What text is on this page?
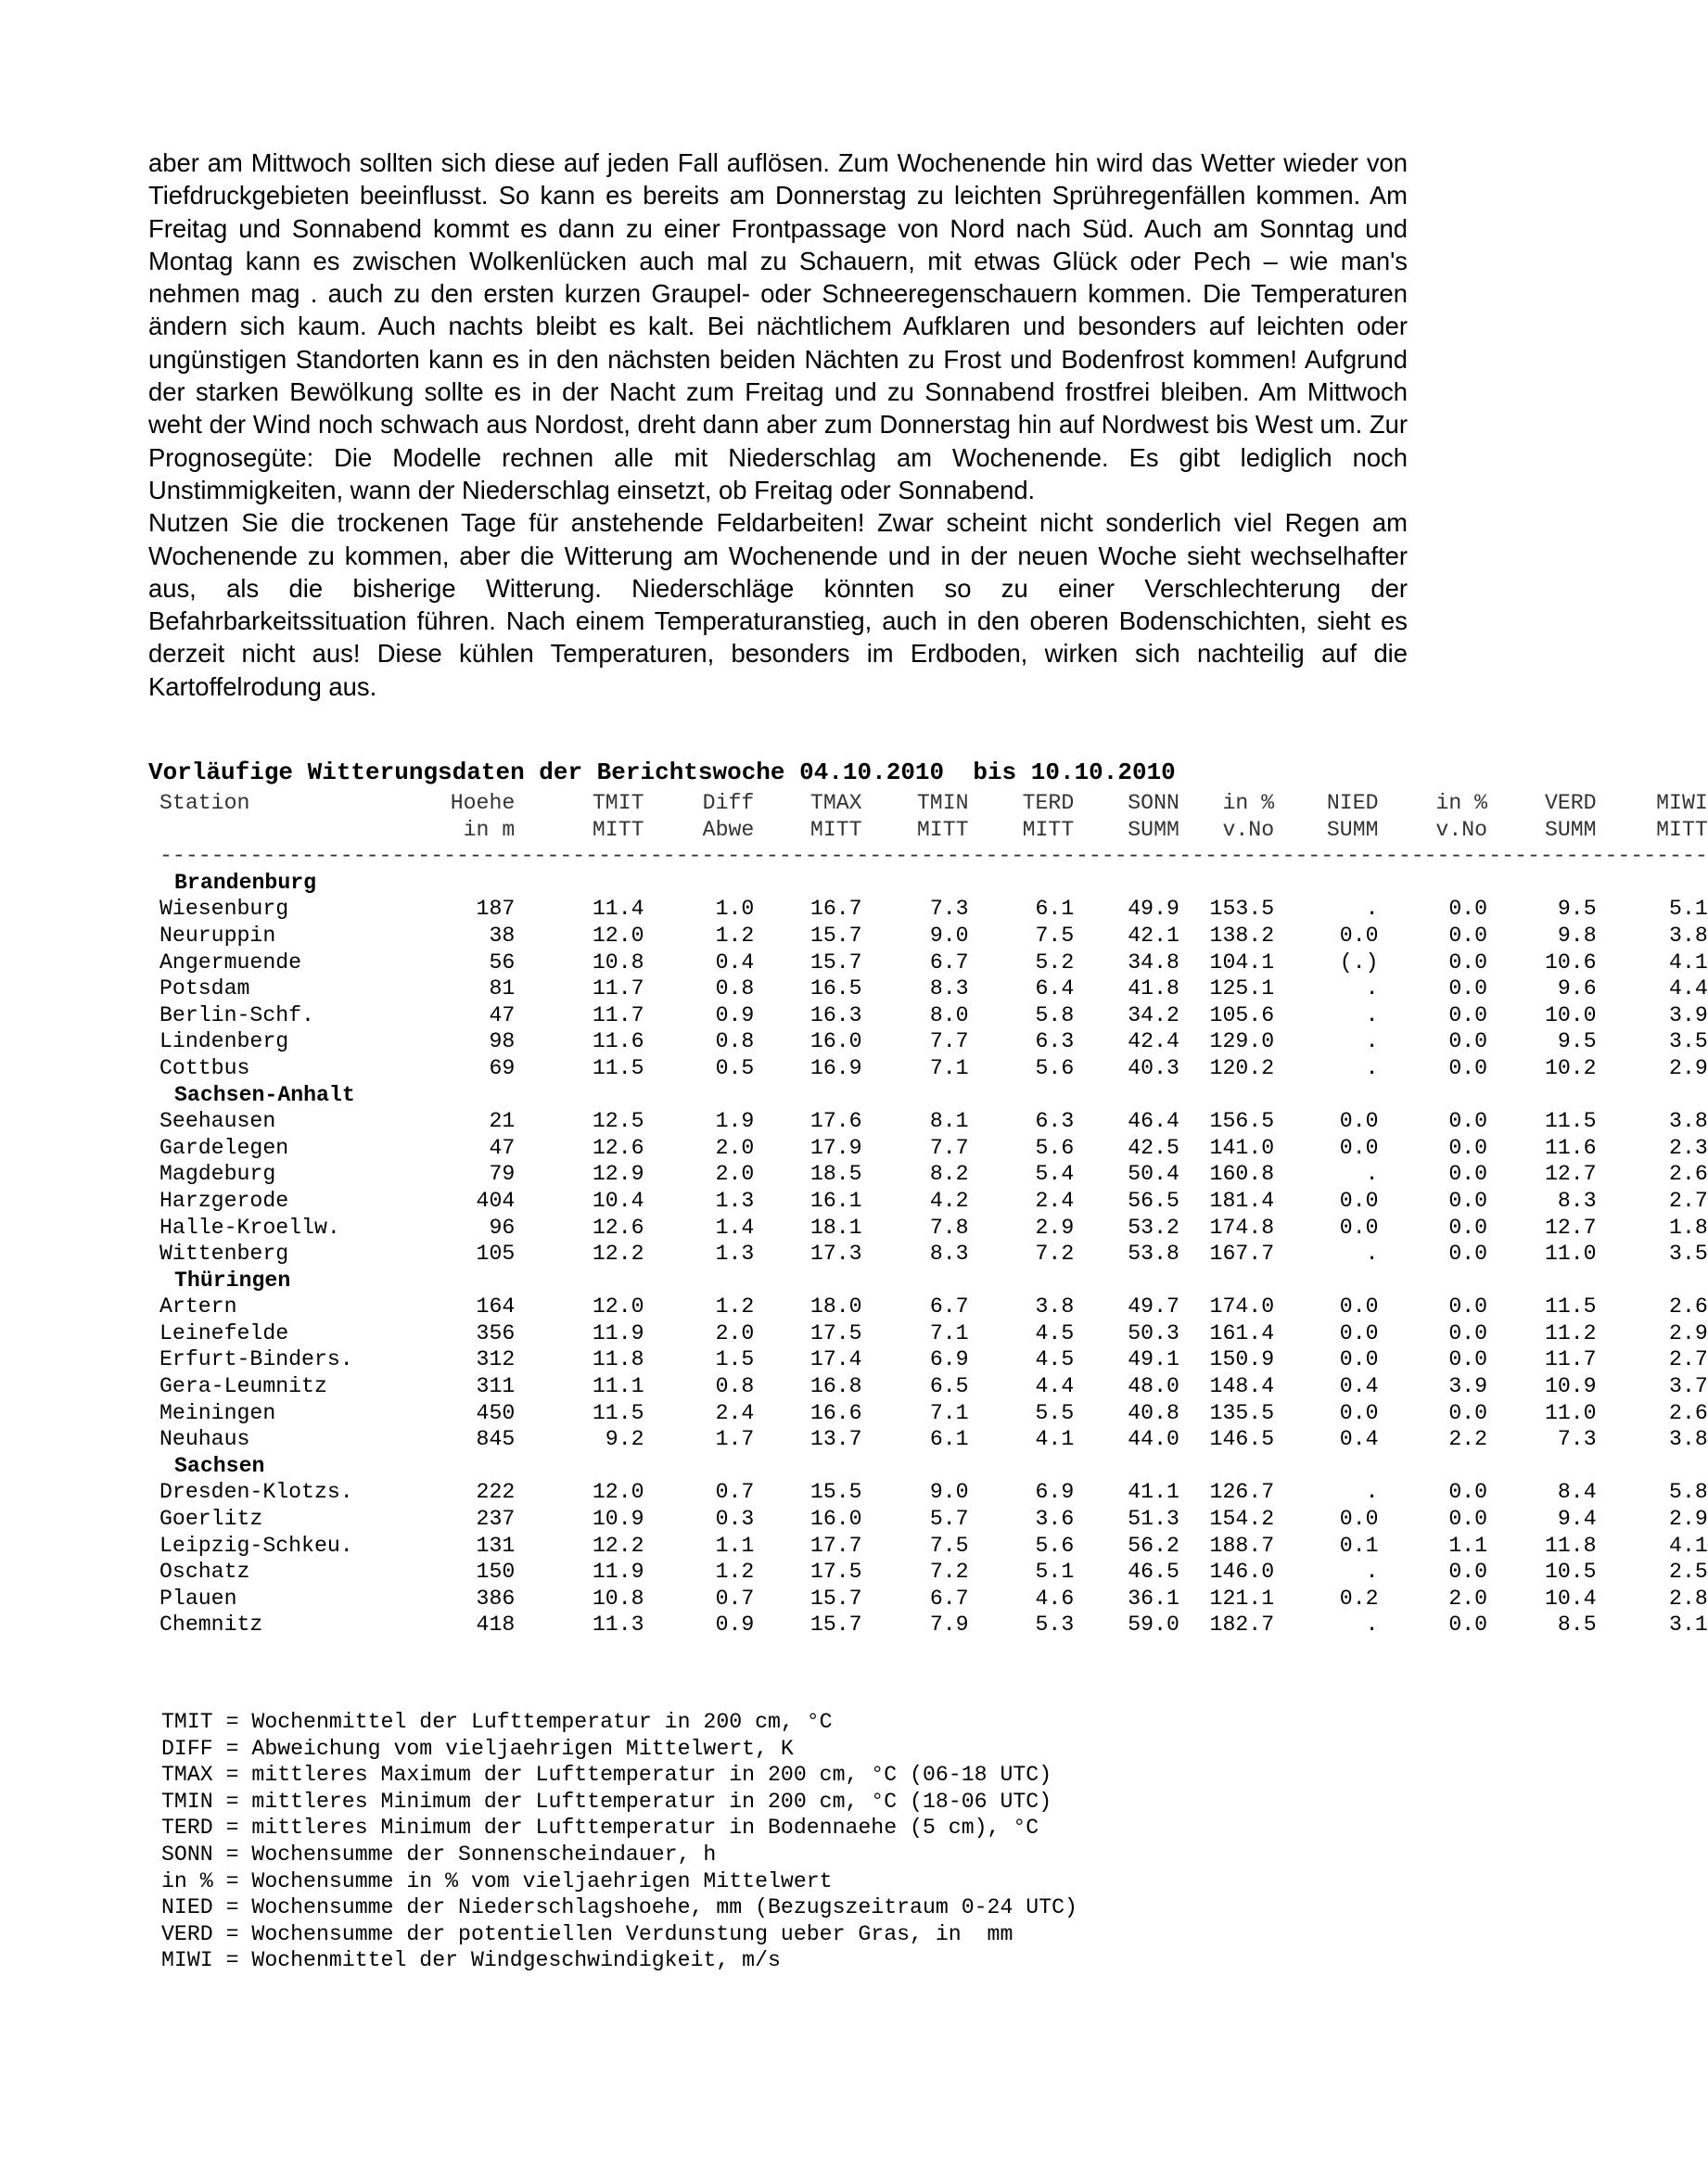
aber am Mittwoch sollten sich diese auf jeden Fall auflösen. Zum Wochenende hin wird das Wetter wieder von Tiefdruckgebieten beeinflusst. So kann es bereits am Donnerstag zu leichten Sprühregenfällen kommen. Am Freitag und Sonnabend kommt es dann zu einer Frontpassage von Nord nach Süd. Auch am Sonntag und Montag kann es zwischen Wolkenlücken auch mal zu Schauern, mit etwas Glück oder Pech – wie man's nehmen mag . auch zu den ersten kurzen Graupel- oder Schneeregenschauern kommen. Die Temperaturen ändern sich kaum. Auch nachts bleibt es kalt. Bei nächtlichem Aufklaren und besonders auf leichten oder ungünstigen Standorten kann es in den nächsten beiden Nächten zu Frost und Bodenfrost kommen! Aufgrund der starken Bewölkung sollte es in der Nacht zum Freitag und zu Sonnabend frostfrei bleiben. Am Mittwoch weht der Wind noch schwach aus Nordost, dreht dann aber zum Donnerstag hin auf Nordwest bis West um. Zur Prognosegüte: Die Modelle rechnen alle mit Niederschlag am Wochenende. Es gibt lediglich noch Unstimmigkeiten, wann der Niederschlag einsetzt, ob Freitag oder Sonnabend.

Nutzen Sie die trockenen Tage für anstehende Feldarbeiten! Zwar scheint nicht sonderlich viel Regen am Wochenende zu kommen, aber die Witterung am Wochenende und in der neuen Woche sieht wechselhafter aus, als die bisherige Witterung. Niederschläge könnten so zu einer Verschlechterung der Befahrbarkeitssituation führen. Nach einem Temperaturanstieg, auch in den oberen Bodenschichten, sieht es derzeit nicht aus! Diese kühlen Temperaturen, besonders im Erdboden, wirken sich nachteilig auf die Kartoffelrodung aus.

Vorläufige Witterungsdaten der Berichtswoche 04.10.2010  bis 10.10.2010
Station	Hoehe	TMIT	Diff	TMAX	TMIN	TERD	SONN	in %	NIED	in %	VERD	MIWI
	in m	MITT	Abwe	MITT	MITT	MITT	SUMM	v.No	SUMM	v.No	SUMM	MITT

------------------------------------------------------------------------------------------------------------------------												

Brandenburg												
Wiesenburg	187	11.4	1.0	16.7	7.3	6.1	49.9	153.5	.	0.0	9.5	5.1
Neuruppin	38	12.0	1.2	15.7	9.0	7.5	42.1	138.2	0.0	0.0	9.8	3.8
Angermuende	56	10.8	0.4	15.7	6.7	5.2	34.8	104.1	(.)	0.0	10.6	4.1
Potsdam	81	11.7	0.8	16.5	8.3	6.4	41.8	125.1	.	0.0	9.6	4.4
Berlin-Schf.	47	11.7	0.9	16.3	8.0	5.8	34.2	105.6	.	0.0	10.0	3.9
Lindenberg	98	11.6	0.8	16.0	7.7	6.3	42.4	129.0	.	0.0	9.5	3.5
Cottbus	69	11.5	0.5	16.9	7.1	5.6	40.3	120.2	.	0.0	10.2	2.9
Sachsen-Anhalt												
Seehausen	21	12.5	1.9	17.6	8.1	6.3	46.4	156.5	0.0	0.0	11.5	3.8
Gardelegen	47	12.6	2.0	17.9	7.7	5.6	42.5	141.0	0.0	0.0	11.6	2.3
Magdeburg	79	12.9	2.0	18.5	8.2	5.4	50.4	160.8	.	0.0	12.7	2.6
Harzgerode	404	10.4	1.3	16.1	4.2	2.4	56.5	181.4	0.0	0.0	8.3	2.7
Halle-Kroellw.	96	12.6	1.4	18.1	7.8	2.9	53.2	174.8	0.0	0.0	12.7	1.8
Wittenberg	105	12.2	1.3	17.3	8.3	7.2	53.8	167.7	.	0.0	11.0	3.5
Thüringen												
Artern	164	12.0	1.2	18.0	6.7	3.8	49.7	174.0	0.0	0.0	11.5	2.6
Leinefelde	356	11.9	2.0	17.5	7.1	4.5	50.3	161.4	0.0	0.0	11.2	2.9
Erfurt-Binders.	312	11.8	1.5	17.4	6.9	4.5	49.1	150.9	0.0	0.0	11.7	2.7
Gera-Leumnitz	311	11.1	0.8	16.8	6.5	4.4	48.0	148.4	0.4	3.9	10.9	3.7
Meiningen	450	11.5	2.4	16.6	7.1	5.5	40.8	135.5	0.0	0.0	11.0	2.6
Neuhaus	845	9.2	1.7	13.7	6.1	4.1	44.0	146.5	0.4	2.2	7.3	3.8
Sachsen												
Dresden-Klotzs.	222	12.0	0.7	15.5	9.0	6.9	41.1	126.7	.	0.0	8.4	5.8
Goerlitz	237	10.9	0.3	16.0	5.7	3.6	51.3	154.2	0.0	0.0	9.4	2.9
Leipzig-Schkeu.	131	12.2	1.1	17.7	7.5	5.6	56.2	188.7	0.1	1.1	11.8	4.1
Oschatz	150	11.9	1.2	17.5	7.2	5.1	46.5	146.0	.	0.0	10.5	2.5
Plauen	386	10.8	0.7	15.7	6.7	4.6	36.1	121.1	0.2	2.0	10.4	2.8
Chemnitz	418	11.3	0.9	15.7	7.9	5.3	59.0	182.7	.	0.0	8.5	3.1
TMIT = Wochenmittel der Lufttemperatur in 200 cm, °C
DIFF = Abweichung vom vieljaehrigen Mittelwert, K
TMAX = mittleres Maximum der Lufttemperatur in 200 cm, °C (06-18 UTC)
TMIN = mittleres Minimum der Lufttemperatur in 200 cm, °C (18-06 UTC)
TERD = mittleres Minimum der Lufttemperatur in Bodennaehe (5 cm), °C
SONN = Wochensumme der Sonnenscheindauer, h
in % = Wochensumme in % vom vieljaehrigen Mittelwert
NIED = Wochensumme der Niederschlagshoehe, mm (Bezugszeitraum 0-24 UTC)
VERD = Wochensumme der potentiellen Verdunstung ueber Gras, in  mm
MIWI = Wochenmittel der Windgeschwindigkeit, m/s
